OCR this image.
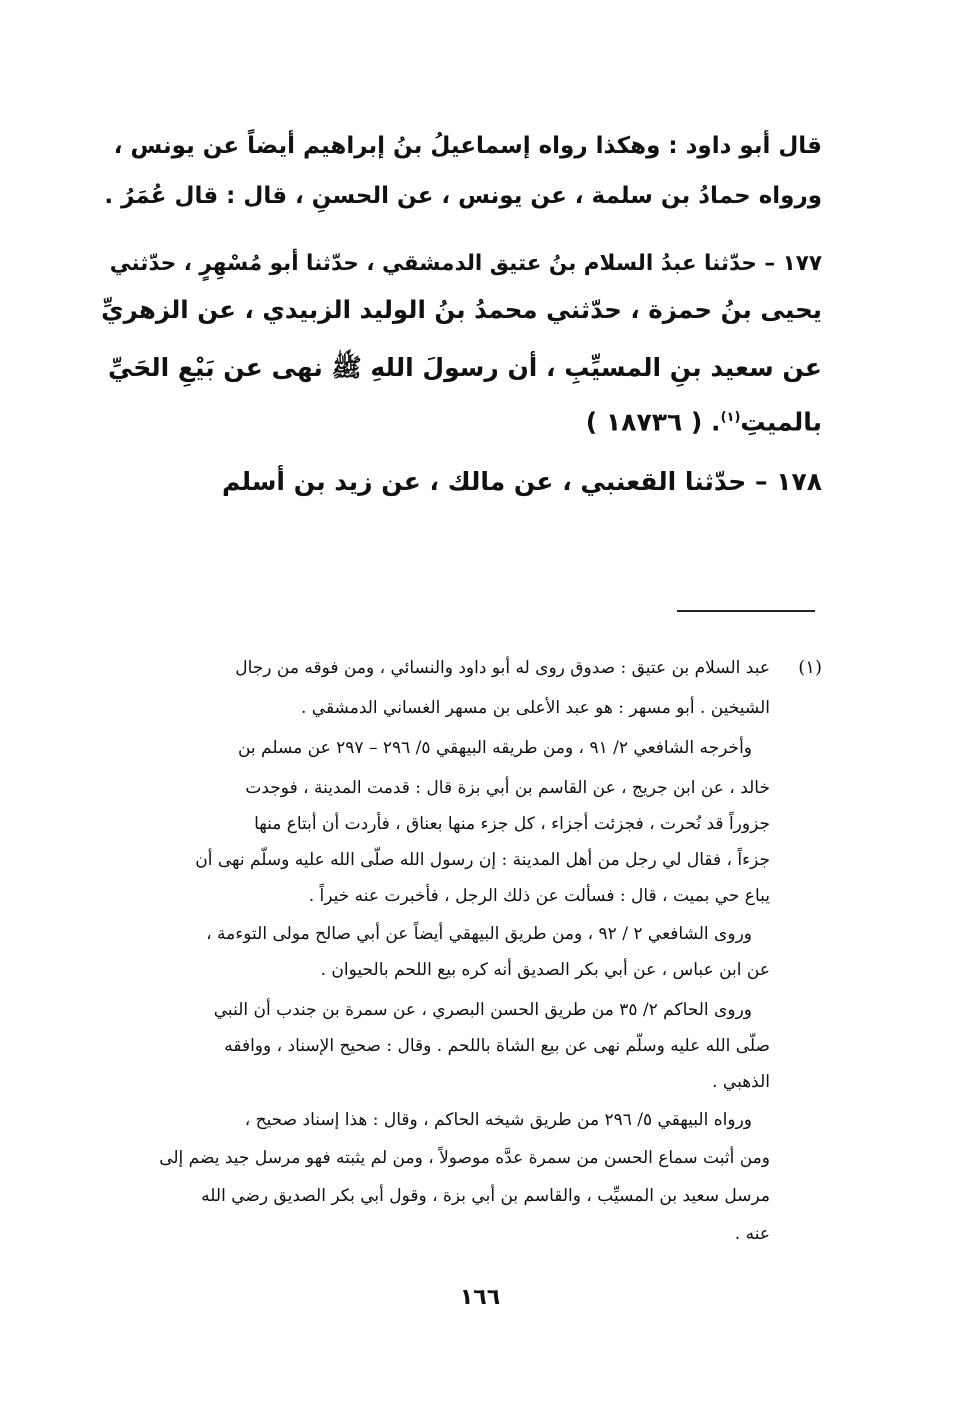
قال أبو داود : وهكذا رواه إسماعيلُ بنُ إبراهيم أيضاً عن يونس ،
ورواه حمادُ بن سلمة ، عن يونس ، عن الحسنِ ، قال : قال عُمَرُ .
١٧٧ – حدّثنا عبدُ السلام بنُ عتيق الدمشقي ، حدّثنا أبو مُسْهِرٍ ، حدّثني
يحيى بنُ حمزة ، حدّثني محمدُ بنُ الوليد الزبيدي ، عن الزهريِّ
عن سعيد بنِ المسيِّبِ ، أن رسولَ اللهِ ﷺ نهى عن بَيْعِ الحَيِّ
بالميتِ$^{(١)}$. ( ١٨٧٣٦ )
١٧٨ – حدّثنا القعنبي ، عن مالك ، عن زيد بن أسلم
(١)
عبد السلام بن عتيق : صدوق روى له أبو داود والنسائي ، ومن فوقه من رجال
الشيخين . أبو مسهر : هو عبد الأعلى بن مسهر الغساني الدمشقي .
وأخرجه الشافعي ٢/ ٩١ ، ومن طريقه البيهقي ٥/ ٢٩٦ – ٢٩٧ عن مسلم بن
خالد ، عن ابن جريج ، عن القاسم بن أبي بزة قال : قدمت المدينة ، فوجدت
جزوراً قد نُحرت ، فجزئت أجزاء ، كل جزء منها بعناق ، فأردت أن أبتاع منها
جزءاً ، فقال لي رجل من أهل المدينة : إن رسول الله صلّى الله عليه وسلّم نهى أن
يباع حي بميت ، قال : فسألت عن ذلك الرجل ، فأخبرت عنه خيراً .
وروى الشافعي ٢ / ٩٢ ، ومن طريق البيهقي أيضاً عن أبي صالح مولى التوءمة ،
عن ابن عباس ، عن أبي بكر الصديق أنه كره بيع اللحم بالحيوان .
وروى الحاكم ٢/ ٣٥ من طريق الحسن البصري ، عن سمرة بن جندب أن النبي
صلّى الله عليه وسلّم نهى عن بيع الشاة باللحم . وقال : صحيح الإسناد ، ووافقه
الذهبي .
ورواه البيهقي ٥/ ٢٩٦ من طريق شيخه الحاكم ، وقال : هذا إسناد صحيح ،
ومن أثبت سماع الحسن من سمرة عدَّه موصولاً ، ومن لم يثبته فهو مرسل جيد يضم إلى
مرسل سعيد بن المسيِّب ، والقاسم بن أبي بزة ، وقول أبي بكر الصديق رضي الله
عنه .
١٦٦
